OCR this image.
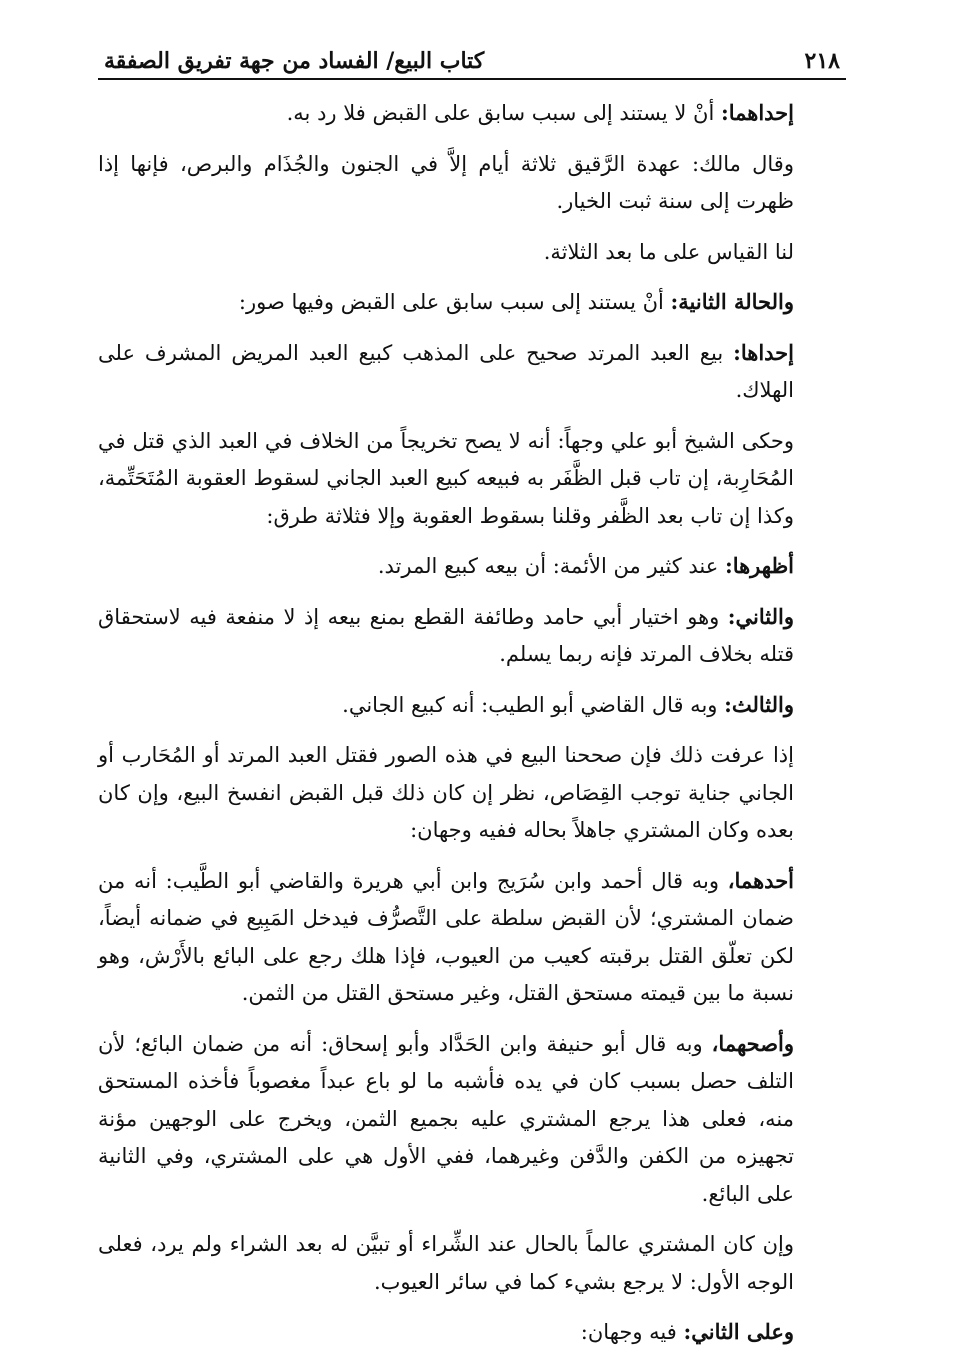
٢١٨
كتاب البيع/ الفساد من جهة تفريق الصفقة

إحداهما: أنْ لا يستند إلى سبب سابق على القبض فلا رد به.

وقال مالك: عهدة الرَّقيق ثلاثة أيام إلاَّ في الجنون والجُذَام والبرص، فإنها إذا ظهرت إلى سنة ثبت الخيار.

لنا القياس على ما بعد الثلاثة.

والحالة الثانية: أنْ يستند إلى سبب سابق على القبض وفيها صور:

إحداها: بيع العبد المرتد صحيح على المذهب كبيع العبد المريض المشرف على الهلاك.

وحكى الشيخ أبو علي وجهاً: أنه لا يصح تخريجاً من الخلاف في العبد الذي قتل في المُحَارِبة، إن تاب قبل الظَّفَر به فبيعه كبيع العبد الجاني لسقوط العقوبة المُتَحَتِّمة، وكذا إن تاب بعد الظَّفر وقلنا بسقوط العقوبة وإلا فثلاثة طرق:

أظهرها: عند كثير من الأئمة: أن بيعه كبيع المرتد.

والثاني: وهو اختيار أبي حامد وطائفة القطع بمنع بيعه إذ لا منفعة فيه لاستحقاق قتله بخلاف المرتد فإنه ربما يسلم.

والثالث: وبه قال القاضي أبو الطيب: أنه كبيع الجاني.

إذا عرفت ذلك فإن صححنا البيع في هذه الصور فقتل العبد المرتد أو المُحَارب أو الجاني جناية توجب القِصَاص، نظر إن كان ذلك قبل القبض انفسخ البيع، وإن كان بعده وكان المشتري جاهلاً بحاله ففيه وجهان:

أحدهما، وبه قال أحمد وابن سُرَيج وابن أبي هريرة والقاضي أبو الطَّيب: أنه من ضمان المشتري؛ لأن القبض سلطة على التَّصرُّف فيدخل المَبِيع في ضمانه أيضاً، لكن تعلّق القتل برقبته كعيب من العيوب، فإذا هلك رجع على البائع بالأَرْش، وهو نسبة ما بين قيمته مستحق القتل، وغير مستحق القتل من الثمن.

وأصحهما، وبه قال أبو حنيفة وابن الحَدَّاد وأبو إسحاق: أنه من ضمان البائع؛ لأن التلف حصل بسبب كان في يده فأشبه ما لو باع عبداً مغصوباً فأخذه المستحق منه، فعلى هذا يرجع المشتري عليه بجميع الثمن، ويخرج على الوجهين مؤنة تجهيزه من الكفن والدَّفن وغيرهما، ففي الأول هي على المشتري، وفي الثانية على البائع.

وإن كان المشتري عالماً بالحال عند الشِّراء أو تبيَّن له بعد الشراء ولم يرد، فعلى الوجه الأول: لا يرجع بشيء كما في سائر العيوب.

وعلى الثاني: فيه وجهان:
